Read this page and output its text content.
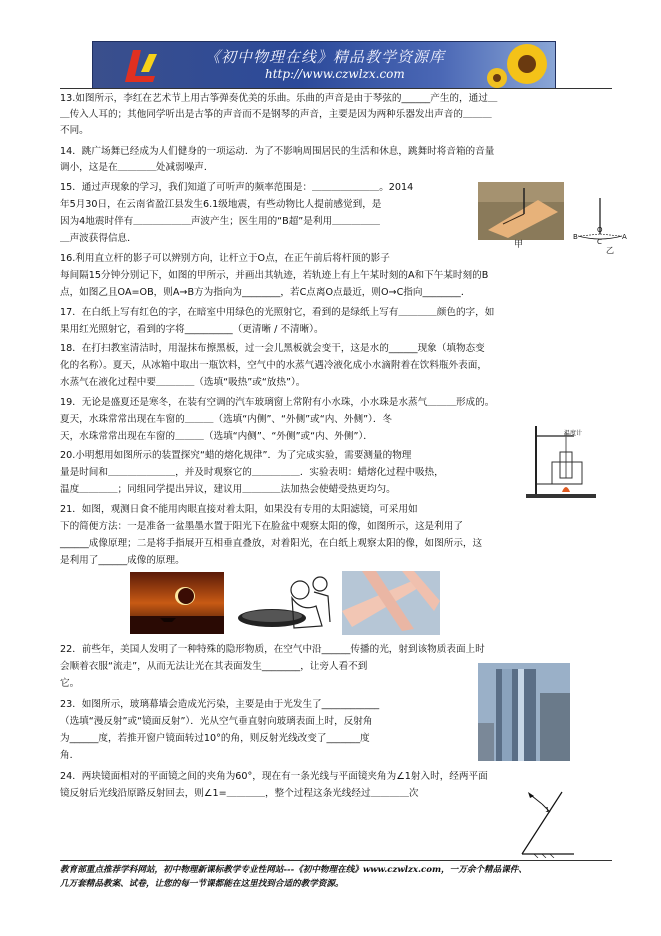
《初中物理在线》精品教学资源库
http://www.czwlzx.com
13.如图所示，李红在艺术节上用古筝弹奏优美的乐曲。乐曲的声音是由于琴弦的______产生的，通过＿
＿传入人耳的；其他同学听出是古筝的声音而不是钢琴的声音，主要是因为两种乐器发出声音的＿＿＿
不同。
14．跳广场舞已经成为人们健身的一项运动．为了不影响周围居民的生活和休息，跳舞时将音箱的音量
调小，这是在＿＿＿＿处减弱噪声．
15．通过声现象的学习，我们知道了可听声的频率范围是：＿＿＿＿＿＿＿。2014
年5月30日，在云南省盈江县发生6.1级地震，有些动物比人提前感觉到，是
因为4地震时伴有＿＿＿＿＿＿声波产生；医生用的“B超”是利用＿＿＿＿＿
＿声波获得信息．
16.利用直立杆的影子可以辨别方向，让杆立于O点，在正午前后将杆顶的影子
每间隔15分钟分别记下，如图的甲所示，并画出其轨迹，若轨迹上有上午某时刻的A和下午某时刻的B
点，如图乙且OA=OB，则A→B方为指向为________，若C点离O点最近，则O→C指向________．
17．在白纸上写有红色的字，在暗室中用绿色的光照射它，看到的是绿纸上写有＿＿＿＿颜色的字，如
果用红光照射它，看到的字将__________（更清晰 / 不清晰）。
18．在打扫教室清洁时，用湿抹布擦黑板，过一会儿黑板就会变干，这是水的______现象（填物态变
化的名称）。夏天，从冰箱中取出一瓶饮料，空气中的水蒸气遇冷液化成小水滴附着在饮料瓶外表面，
水蒸气在液化过程中要＿＿＿＿（选填“吸热”或“放热”）。
19．无论是盛夏还是寒冬，在装有空调的汽车玻璃窗上常附有小水珠，小水珠是水蒸气＿＿＿形成的。
夏天，水珠常常出现在车窗的＿＿＿（选填“内侧”、“外侧”或“内、外侧”）．冬
天，水珠常常出现在车窗的＿＿＿（选填“内侧”、“外侧”或“内、外侧”）．
20.小明想用如图所示的装置探究“蜡的熔化规律”．为了完成实验，需要测量的物理
量是时间和＿＿＿＿＿＿＿，并及时观察它的＿＿＿＿＿．实验表明：蜡熔化过程中吸热，
温度＿＿＿＿；同组同学提出异议，建议用＿＿＿＿法加热会使蜡受热更均匀。
21．如图，观测日食不能用肉眼直接对着太阳，如果没有专用的太阳滤镜，可采用如
下的简便方法：一是准备一盆墨墨水置于阳光下在脸盆中观察太阳的像，如图所示，这是利用了
______成像原理；二是将手指展开互相垂直叠放，对着阳光，在白纸上观察太阳的像，如图所示，这
是利用了______成像的原理。
22．前些年，美国人发明了一种特殊的隐形物质，在空气中沿______传播的光，射到该物质表面上时
会顺着衣服“流走”，从而无法让光在其表面发生________，让旁人看不到
它。
23．如图所示，玻璃幕墙会造成光污染，主要是由于光发生了____________
（选填“漫反射”或“镜面反射”）．光从空气垂直射向玻璃表面上时，反射角
为______度，若推开窗户镜面转过10°的角，则反射光线改变了_______度
角．
24．两块镜面相对的平面镜之间的夹角为60°，现在有一条光线与平面镜夹角为∠1射入时，经两平面
镜反射后光线沿原路反射回去，则∠1=＿＿＿＿，整个过程这条光线经过＿＿＿＿次
甲
O
B
C
A
乙
温度计
1
教育部重点推荐学科网站，初中物理新课标教学专业性网站---《初中物理在线》www.czwlzx.com，一万余个精品课件、
几万套精品教案、试卷，让您的每一节课都能在这里找到合适的教学资源。
